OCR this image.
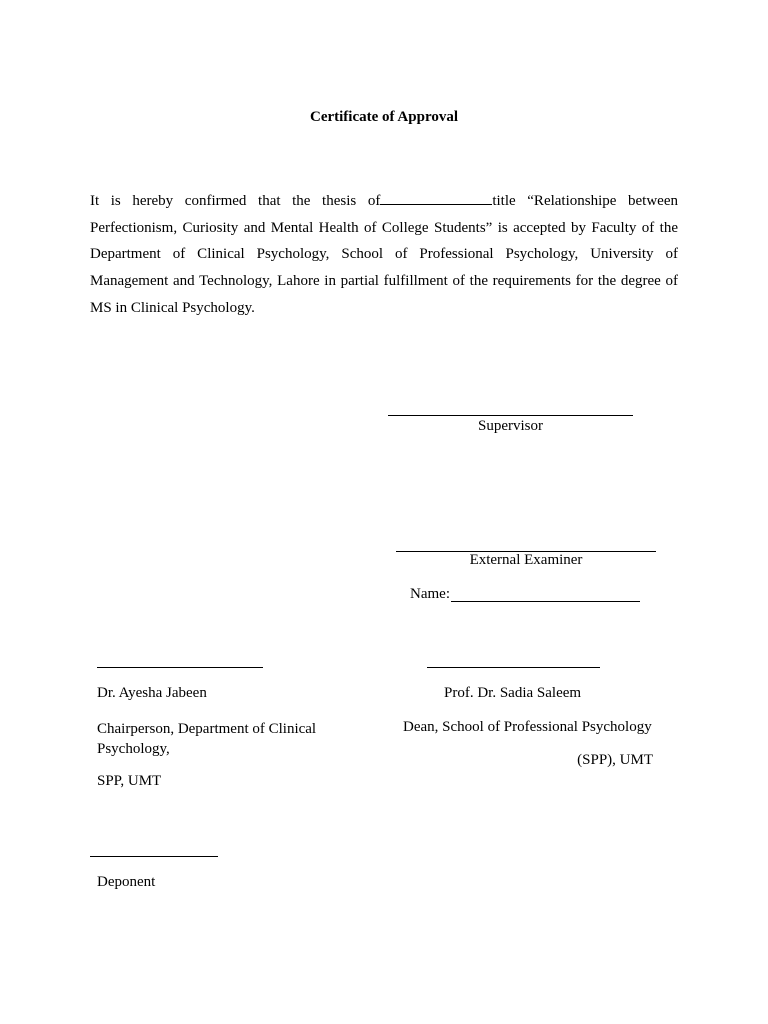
Certificate of Approval
It is hereby confirmed that the thesis of	title “Relationshipe between Perfectionism, Curiosity and Mental Health of College Students” is accepted by Faculty of the Department of Clinical Psychology, School of Professional Psychology, University of Management and Technology, Lahore in partial fulfillment of the requirements for the degree of MS in Clinical Psychology.
Supervisor
External Examiner
Name:
Dr. Ayesha Jabeen
Chairperson, Department of Clinical Psychology,
SPP, UMT
Prof. Dr. Sadia Saleem
Dean, School of Professional Psychology
(SPP), UMT
Deponent
